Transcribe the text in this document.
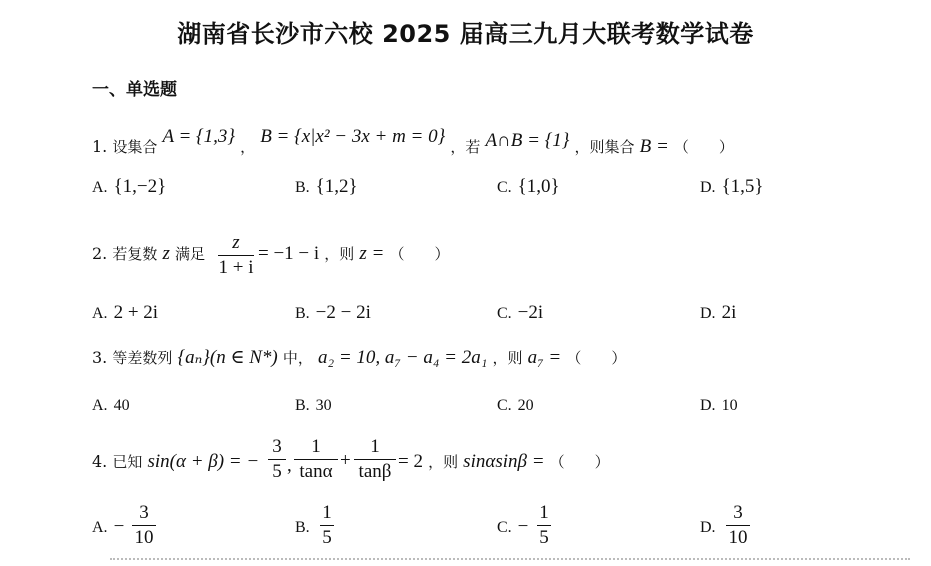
湖南省长沙市六校 2025 届高三九月大联考数学试卷
一、单选题
1. 设集合 A = {1,3} ， B = {x|x² − 3x + m = 0} ，若 A∩B = {1} ，则集合 B = （　　）
A. {1,−2}	B. {1,2}	C. {1,0}	D. {1,5}
2. 若复数 z 满足
z
1 + i
= −1 − i ，则 z = （　　）
A. 2 + 2i	B. −2 − 2i	C. −2i	D. 2i
3. 等差数列 {aₙ}(n ∈ N*) 中， a₂ = 10, a₇ − a₄ = 2a₁ ，则 a₇ = （　　）
A. 40	B. 30	C. 20	D. 10
4. 已知 sin(α + β) = −
3
5 ,
1
tanα
+
1
tanβ = 2 ，则 sinαsinβ = （　　）
A. −
3
10	B.
1
5	C. −
1
5	D.
3
10
